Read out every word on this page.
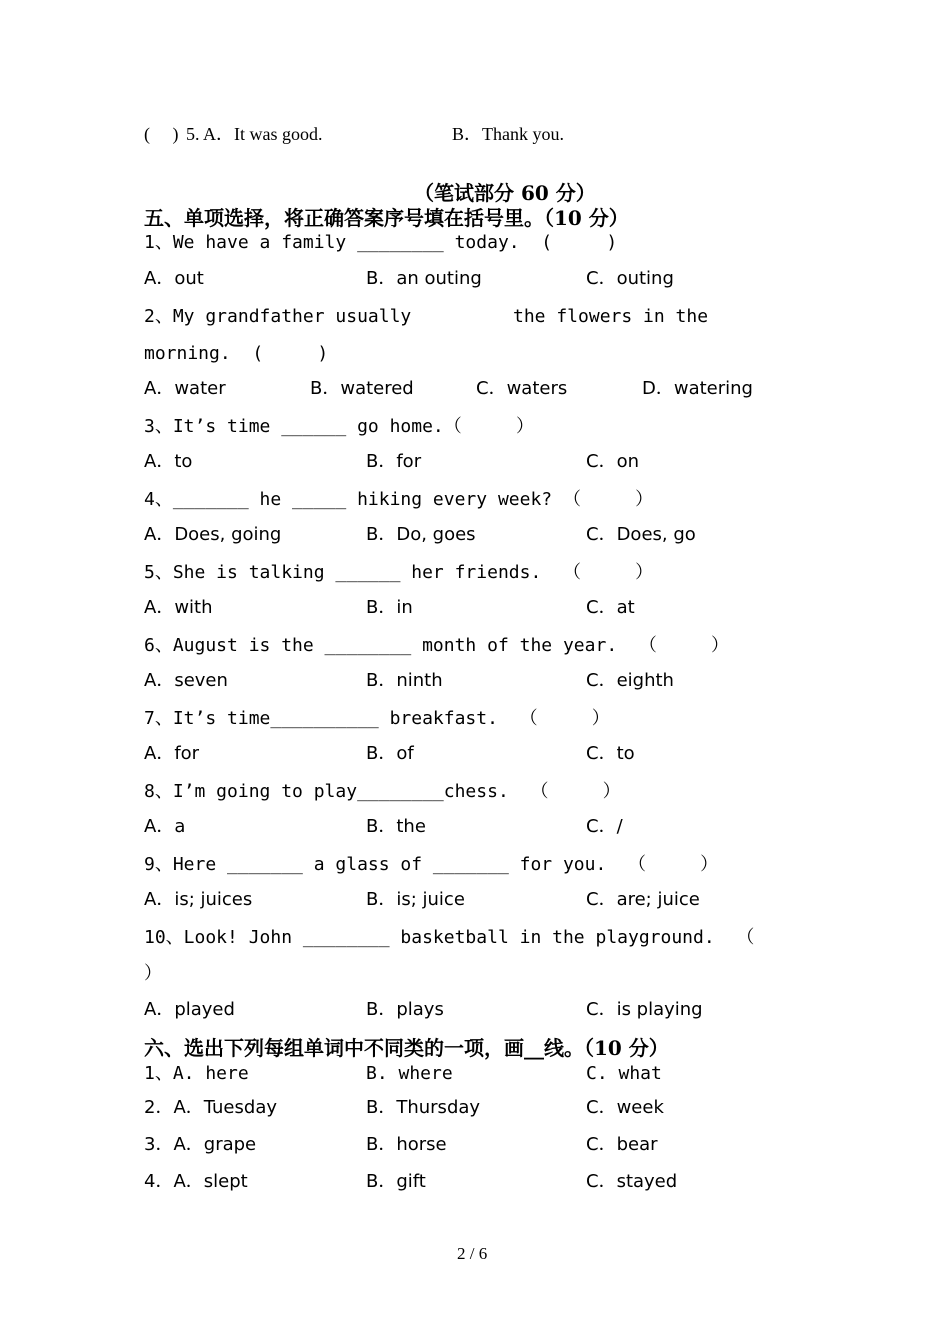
(     ) 5. A．It was good.	B．Thank you.
（笔试部分 60 分）
五、单项选择，将正确答案序号填在括号里。（10 分）
1、We have a family ________ today.  (     )
A．out	B．an outing	C．outing
2、My grandfather usually	the flowers in the
morning.  (     )
A．water	B．watered	C．waters	D．watering
3、It’s time ______ go home.（     ）
A．to	B．for	C．on
4、_______ he _____ hiking every week? （     ）
A．Does, going	B．Do, goes	C．Does, go
5、She is talking ______ her friends.  （     ）
A．with	B．in	C．at
6、August is the ________ month of the year.  （     ）
A．seven	B．ninth	C．eighth
7、It’s time__________ breakfast.  （     ）
A．for	B．of	C．to
8、I’m going to play________chess.  （     ）
A．a	B．the	C．/
9、Here _______ a glass of _______ for you.  （     ）
A．is; juices	B．is; juice	C．are; juice
10、Look! John ________ basketball in the playground.  （
）
A．played	B．plays	C．is playing
六、选出下列每组单词中不同类的一项，画__线。（10 分）
1、A. here	B. where	C. what
2．A．Tuesday	B．Thursday	C．week
3．A．grape	B．horse	C．bear
4．A．slept	B．gift	C．stayed
2 / 6
